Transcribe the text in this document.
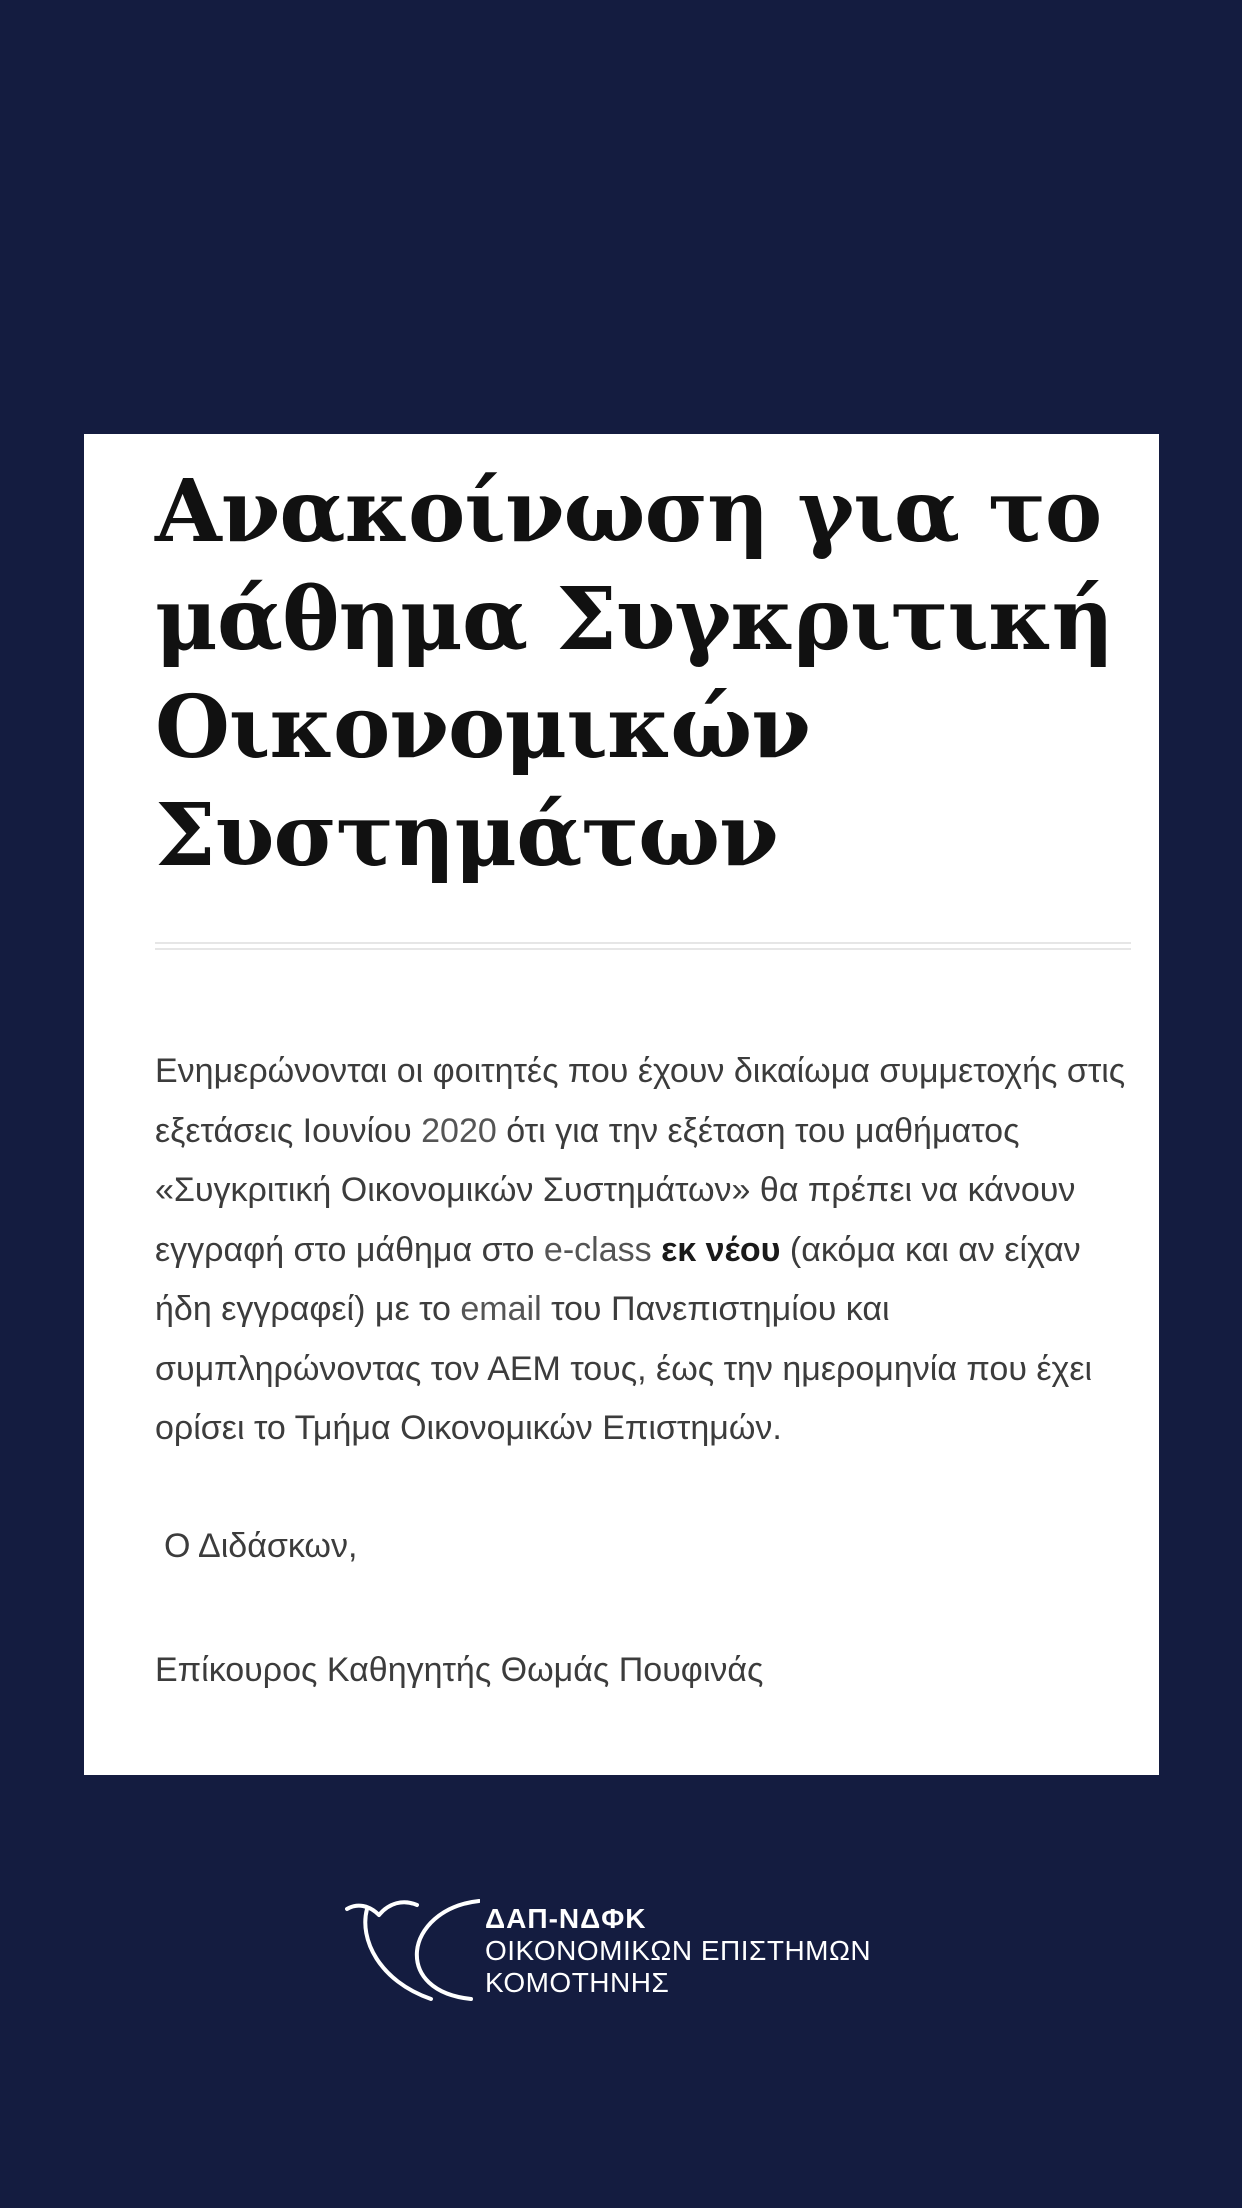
Ανακοίνωση για το μάθημα Συγκριτική Οικονομικών Συστημάτων

Ενημερώνονται οι φοιτητές που έχουν δικαίωμα συμμετοχής στις εξετάσεις Ιουνίου 2020 ότι για την εξέταση του μαθήματος «Συγκριτική Οικονομικών Συστημάτων» θα πρέπει να κάνουν εγγραφή στο μάθημα στο e-class εκ νέου (ακόμα και αν είχαν ήδη εγγραφεί) με το email του Πανεπιστημίου και συμπληρώνοντας τον ΑΕΜ τους, έως την ημερομηνία που έχει ορίσει το Τμήμα Οικονομικών Επιστημών.

Ο Διδάσκων,

Επίκουρος Καθηγητής Θωμάς Πουφινάς

ΔΑΠ-ΝΔΦΚ
ΟΙΚΟΝΟΜΙΚΩΝ ΕΠΙΣΤΗΜΩΝ
ΚΟΜΟΤΗΝΗΣ
